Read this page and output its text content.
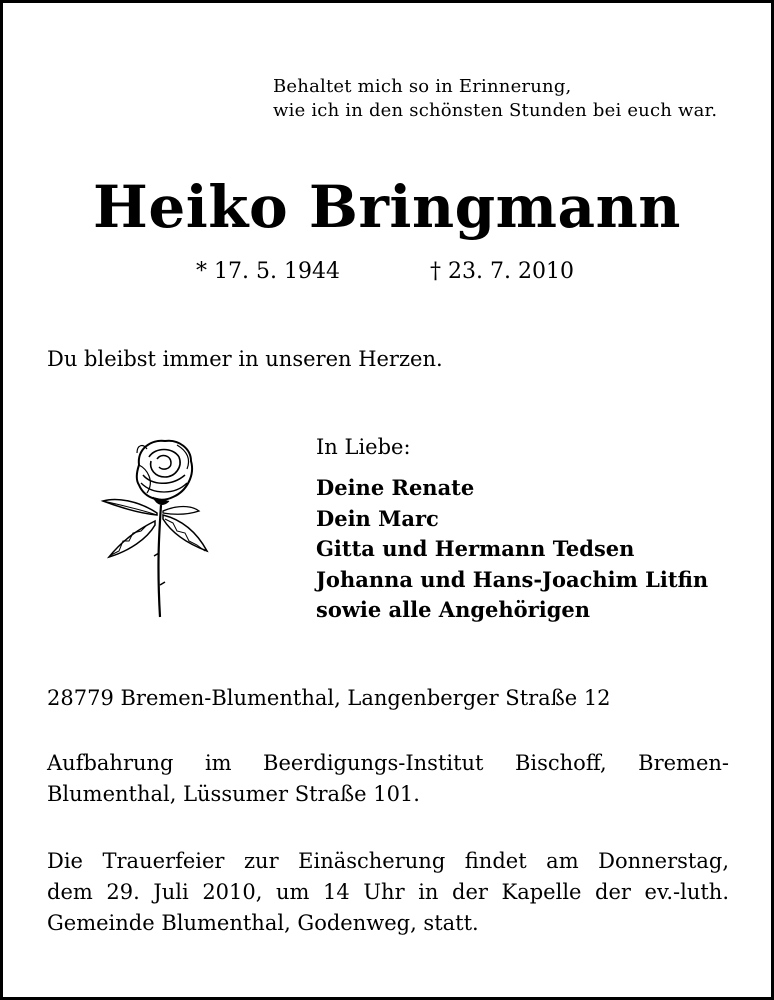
Behaltet mich so in Erinnerung,
wie ich in den schönsten Stunden bei euch war.
Heiko Bringmann
* 17. 5. 1944	† 23. 7. 2010
Du bleibst immer in unseren Herzen.
In Liebe:
Deine Renate
Dein Marc
Gitta und Hermann Tedsen
Johanna und Hans-Joachim Litfin
sowie alle Angehörigen
28779 Bremen-Blumenthal, Langenberger Straße 12
Aufbahrung im Beerdigungs-Institut Bischoff, Bremen-
Blumenthal, Lüssumer Straße 101.
Die Trauerfeier zur Einäscherung findet am Donnerstag,
dem 29. Juli 2010, um 14 Uhr in der Kapelle der ev.-luth.
Gemeinde Blumenthal, Godenweg, statt.
